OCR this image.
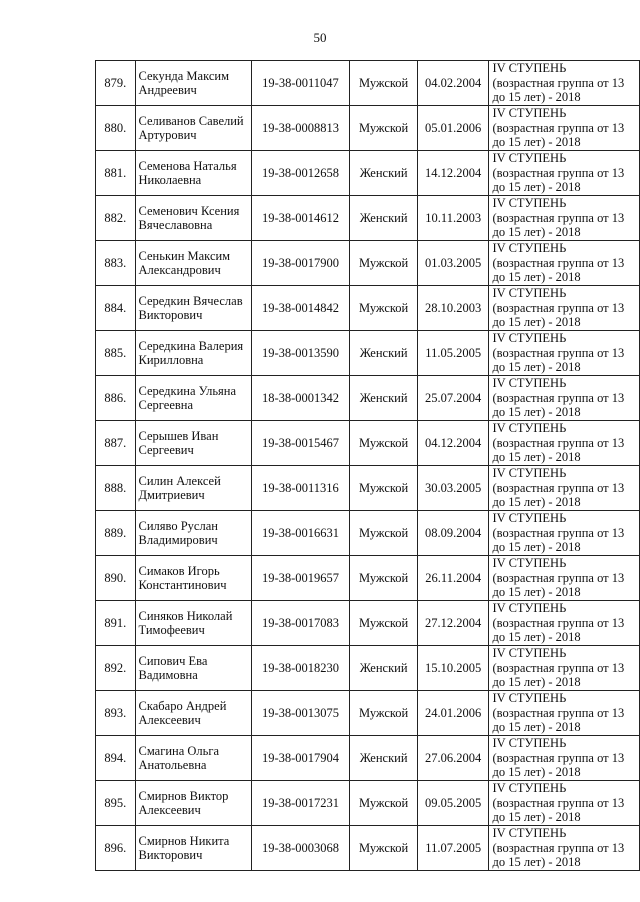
50
879.	Секунда Максим Андреевич	19-38-0011047	Мужской	04.02.2004	IV СТУПЕНЬ
(возрастная группа от 13
до 15 лет) - 2018

880.	Селиванов Савелий Артурович	19-38-0008813	Мужской	05.01.2006	IV СТУПЕНЬ
(возрастная группа от 13
до 15 лет) - 2018

881.	Семенова Наталья Николаевна	19-38-0012658	Женский	14.12.2004	IV СТУПЕНЬ
(возрастная группа от 13
до 15 лет) - 2018

882.	Семенович Ксения Вячеславовна	19-38-0014612	Женский	10.11.2003	IV СТУПЕНЬ
(возрастная группа от 13
до 15 лет) - 2018

883.	Сенькин Максим Александрович	19-38-0017900	Мужской	01.03.2005	IV СТУПЕНЬ
(возрастная группа от 13
до 15 лет) - 2018

884.	Середкин Вячеслав Викторович	19-38-0014842	Мужской	28.10.2003	IV СТУПЕНЬ
(возрастная группа от 13
до 15 лет) - 2018

885.	Середкина Валерия Кирилловна	19-38-0013590	Женский	11.05.2005	IV СТУПЕНЬ
(возрастная группа от 13
до 15 лет) - 2018

886.	Середкина Ульяна Сергеевна	18-38-0001342	Женский	25.07.2004	IV СТУПЕНЬ
(возрастная группа от 13
до 15 лет) - 2018

887.	Серышев Иван Сергеевич	19-38-0015467	Мужской	04.12.2004	IV СТУПЕНЬ
(возрастная группа от 13
до 15 лет) - 2018

888.	Силин Алексей Дмитриевич	19-38-0011316	Мужской	30.03.2005	IV СТУПЕНЬ
(возрастная группа от 13
до 15 лет) - 2018

889.	Силяво Руслан Владимирович	19-38-0016631	Мужской	08.09.2004	IV СТУПЕНЬ
(возрастная группа от 13
до 15 лет) - 2018

890.	Симаков Игорь Константинович	19-38-0019657	Мужской	26.11.2004	IV СТУПЕНЬ
(возрастная группа от 13
до 15 лет) - 2018

891.	Синяков Николай Тимофеевич	19-38-0017083	Мужской	27.12.2004	IV СТУПЕНЬ
(возрастная группа от 13
до 15 лет) - 2018

892.	Сипович Ева Вадимовна	19-38-0018230	Женский	15.10.2005	IV СТУПЕНЬ
(возрастная группа от 13
до 15 лет) - 2018

893.	Скабаро Андрей Алексеевич	19-38-0013075	Мужской	24.01.2006	IV СТУПЕНЬ
(возрастная группа от 13
до 15 лет) - 2018

894.	Смагина Ольга Анатольевна	19-38-0017904	Женский	27.06.2004	IV СТУПЕНЬ
(возрастная группа от 13
до 15 лет) - 2018

895.	Смирнов Виктор Алексеевич	19-38-0017231	Мужской	09.05.2005	IV СТУПЕНЬ
(возрастная группа от 13
до 15 лет) - 2018

896.	Смирнов Никита Викторович	19-38-0003068	Мужской	11.07.2005	IV СТУПЕНЬ
(возрастная группа от 13
до 15 лет) - 2018
